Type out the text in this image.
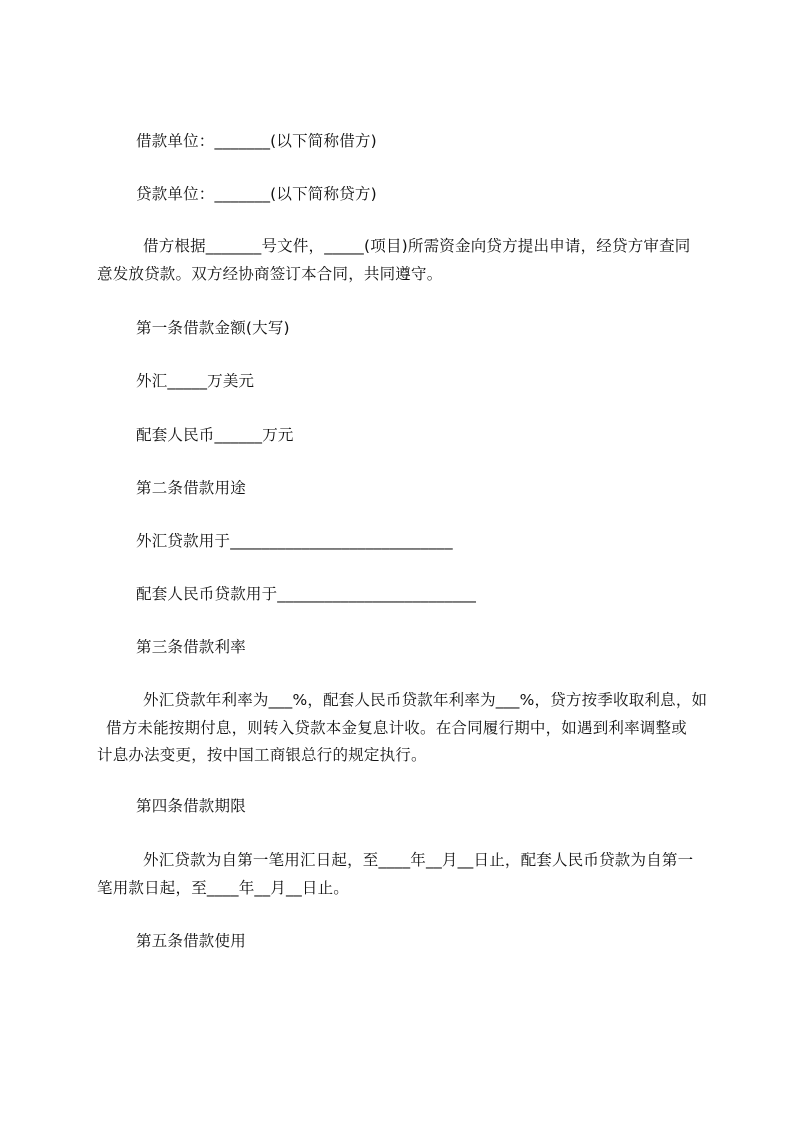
借款单位：_______(以下简称借方)
贷款单位：_______(以下简称贷方)
借方根据_______号文件，_____(项目)所需资金向贷方提出申请，经贷方审查同
意发放贷款。双方经协商签订本合同，共同遵守。
第一条借款金额(大写)
外汇_____万美元
配套人民币______万元
第二条借款用途
外汇贷款用于____________________________
配套人民币贷款用于_________________________
第三条借款利率
外汇贷款年利率为___%，配套人民币贷款年利率为___%，贷方按季收取利息，如
借方未能按期付息，则转入贷款本金复息计收。在合同履行期中，如遇到利率调整或
计息办法变更，按中国工商银总行的规定执行。
第四条借款期限
外汇贷款为自第一笔用汇日起，至____年__月__日止，配套人民币贷款为自第一
笔用款日起，至____年__月__日止。
第五条借款使用
